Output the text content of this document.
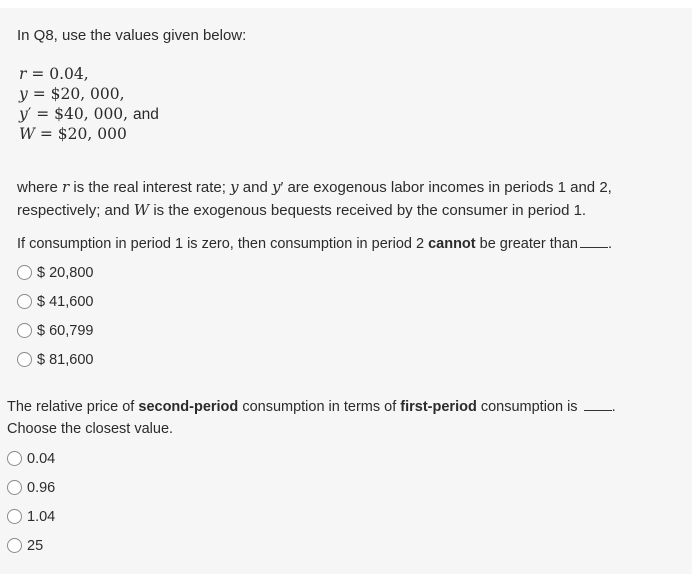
In Q8, use the values given below:
r = 0.04,
y = $20, 000,
y′ = $40, 000, and
W = $20, 000
where r is the real interest rate; y and y′ are exogenous labor incomes in periods 1 and 2, respectively; and W is the exogenous bequests received by the consumer in period 1.
If consumption in period 1 is zero, then consumption in period 2 cannot be greater than .
$ 20,800
$ 41,600
$ 60,799
$ 81,600
The relative price of second-period consumption in terms of first-period consumption is .
Choose the closest value.
0.04
0.96
1.04
25
